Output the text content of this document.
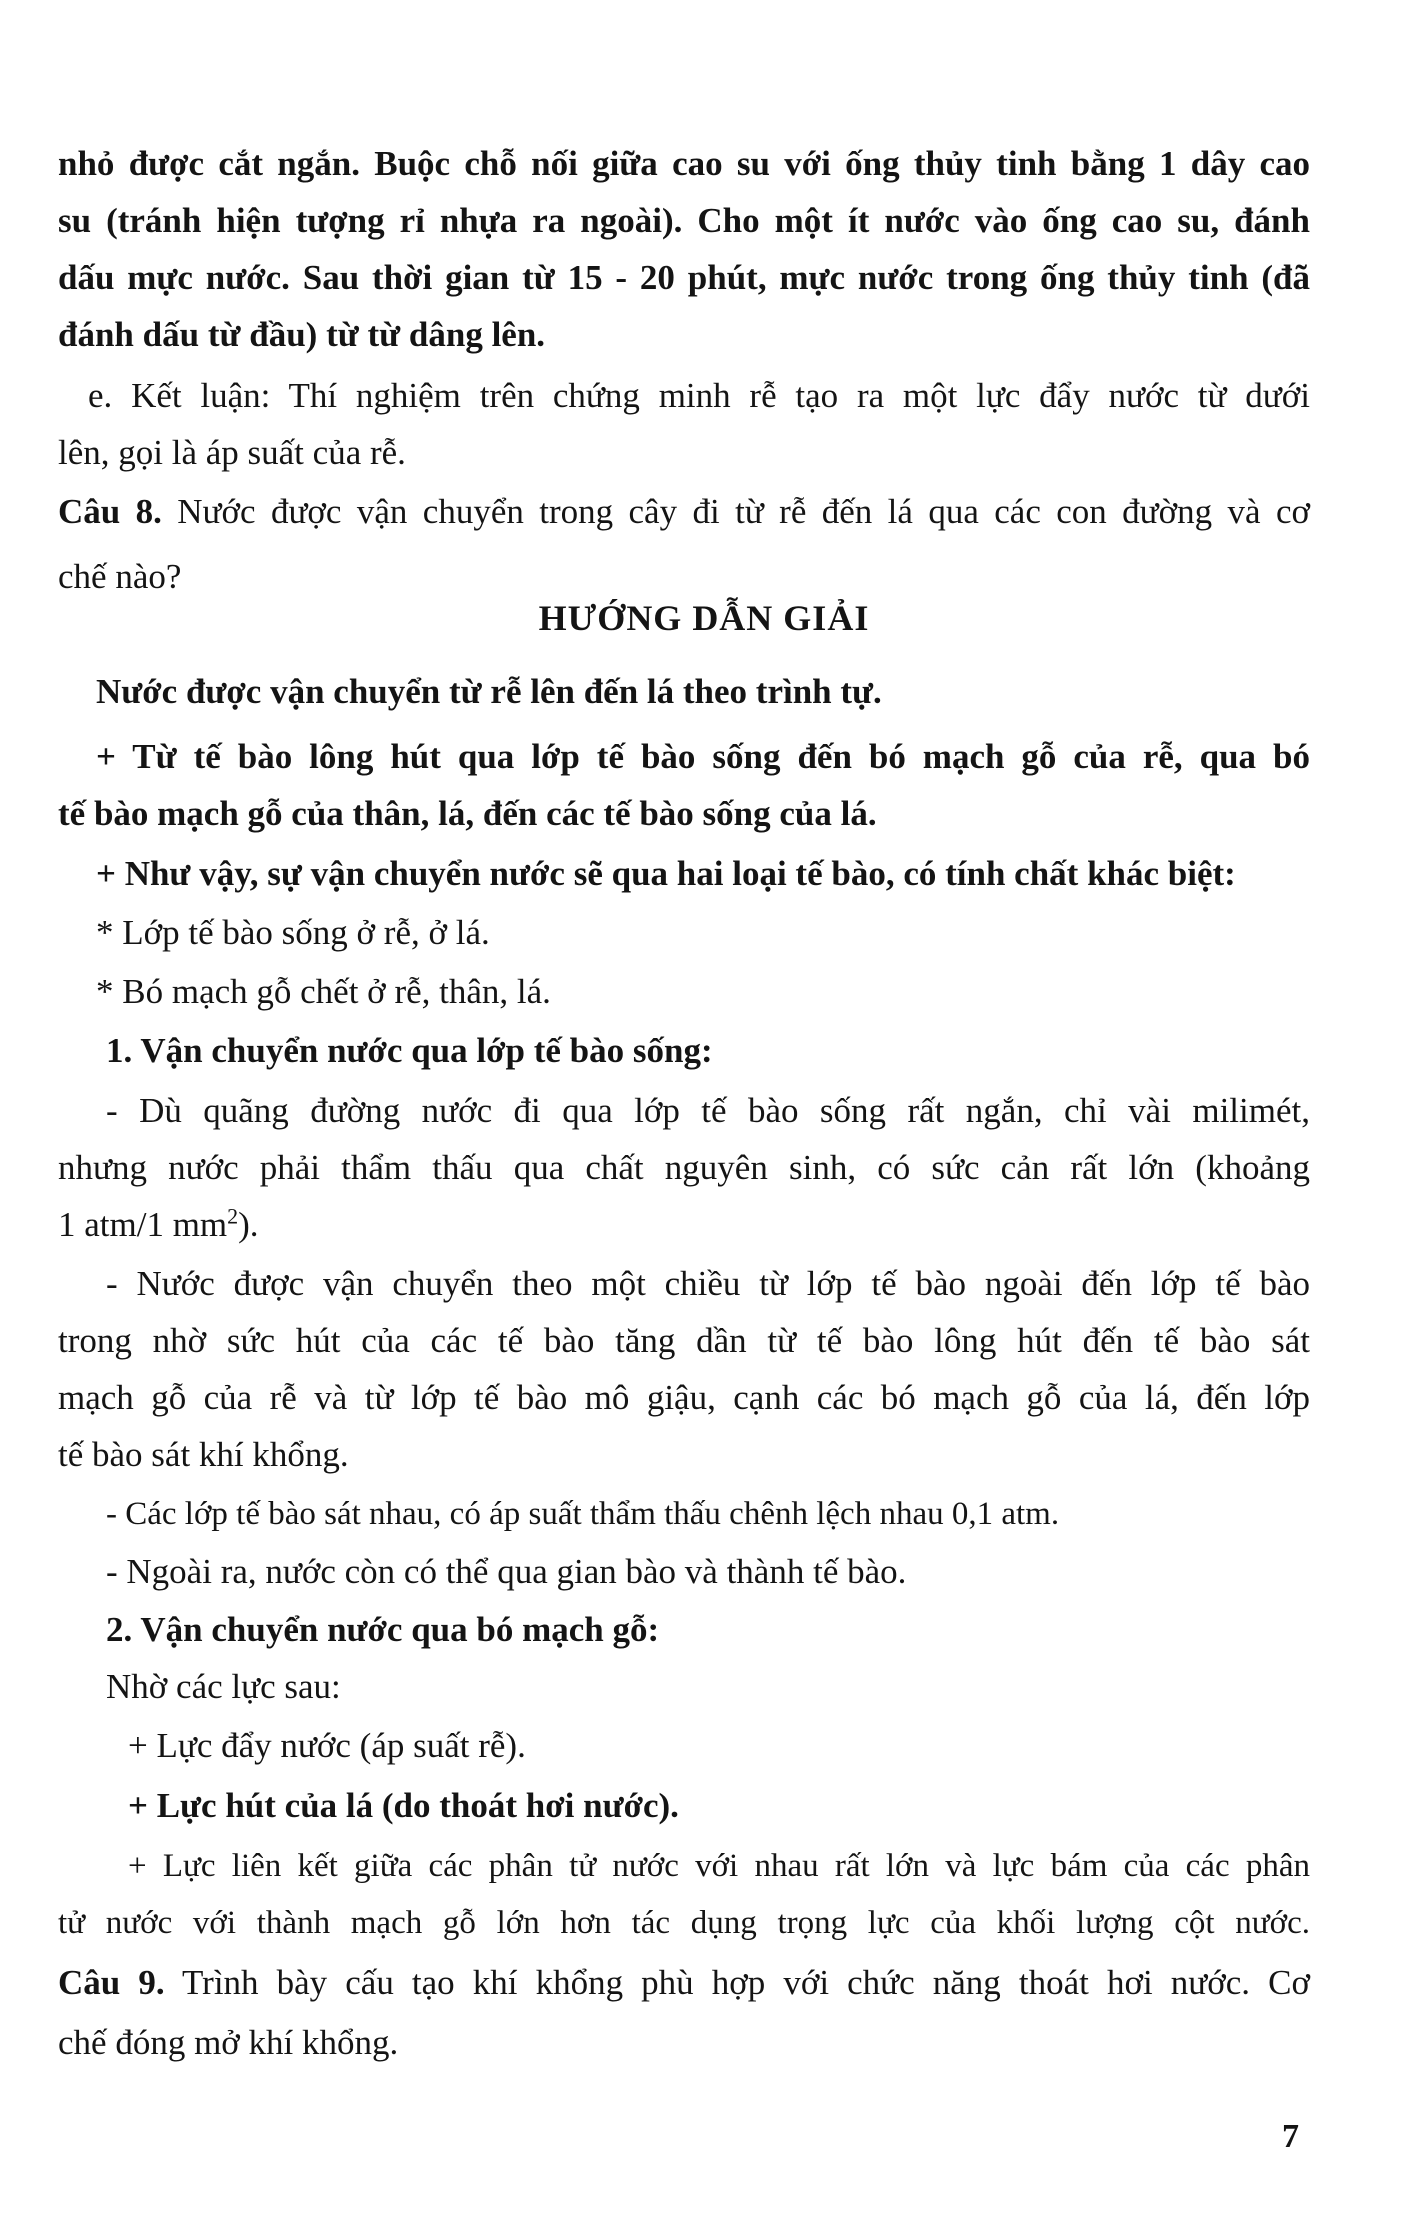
nhỏ được cắt ngắn. Buộc chỗ nối giữa cao su với ống thủy tinh bằng 1 dây cao

su (tránh hiện tượng rỉ nhựa ra ngoài). Cho một ít nước vào ống cao su, đánh

dấu mực nước. Sau thời gian từ 15 - 20 phút, mực nước trong ống thủy tinh (đã

đánh dấu từ đầu) từ từ dâng lên.

e. Kết luận: Thí nghiệm trên chứng minh rễ tạo ra một lực đẩy nước từ dưới

lên, gọi là áp suất của rễ.

Câu 8. Nước được vận chuyển trong cây đi từ rễ đến lá qua các con đường và cơ

chế nào?

HƯỚNG DẪN GIẢI

Nước được vận chuyển từ rễ lên đến lá theo trình tự.

+ Từ tế bào lông hút qua lớp tế bào sống đến bó mạch gỗ của rễ, qua bó

tế bào mạch gỗ của thân, lá, đến các tế bào sống của lá.

+ Như vậy, sự vận chuyển nước sẽ qua hai loại tế bào, có tính chất khác biệt:

* Lớp tế bào sống ở rễ, ở lá.

* Bó mạch gỗ chết ở rễ, thân, lá.

1. Vận chuyển nước qua lớp tế bào sống:

- Dù quãng đường nước đi qua lớp tế bào sống rất ngắn, chỉ vài milimét,

nhưng nước phải thẩm thấu qua chất nguyên sinh, có sức cản rất lớn (khoảng

1 atm/1 $mm^2$).

- Nước được vận chuyển theo một chiều từ lớp tế bào ngoài đến lớp tế bào

trong nhờ sức hút của các tế bào tăng dần từ tế bào lông hút đến tế bào sát

mạch gỗ của rễ và từ lớp tế bào mô giậu, cạnh các bó mạch gỗ của lá, đến lớp

tế bào sát khí khổng.

- Các lớp tế bào sát nhau, có áp suất thẩm thấu chênh lệch nhau 0,1 atm.

- Ngoài ra, nước còn có thể qua gian bào và thành tế bào.

2. Vận chuyển nước qua bó mạch gỗ:

Nhờ các lực sau:

+ Lực đẩy nước (áp suất rễ).

+ Lực hút của lá (do thoát hơi nước).

+ Lực liên kết giữa các phân tử nước với nhau rất lớn và lực bám của các phân

tử nước với thành mạch gỗ lớn hơn tác dụng trọng lực của khối lượng cột nước.

Câu 9. Trình bày cấu tạo khí khổng phù hợp với chức năng thoát hơi nước. Cơ

chế đóng mở khí khổng.

7
